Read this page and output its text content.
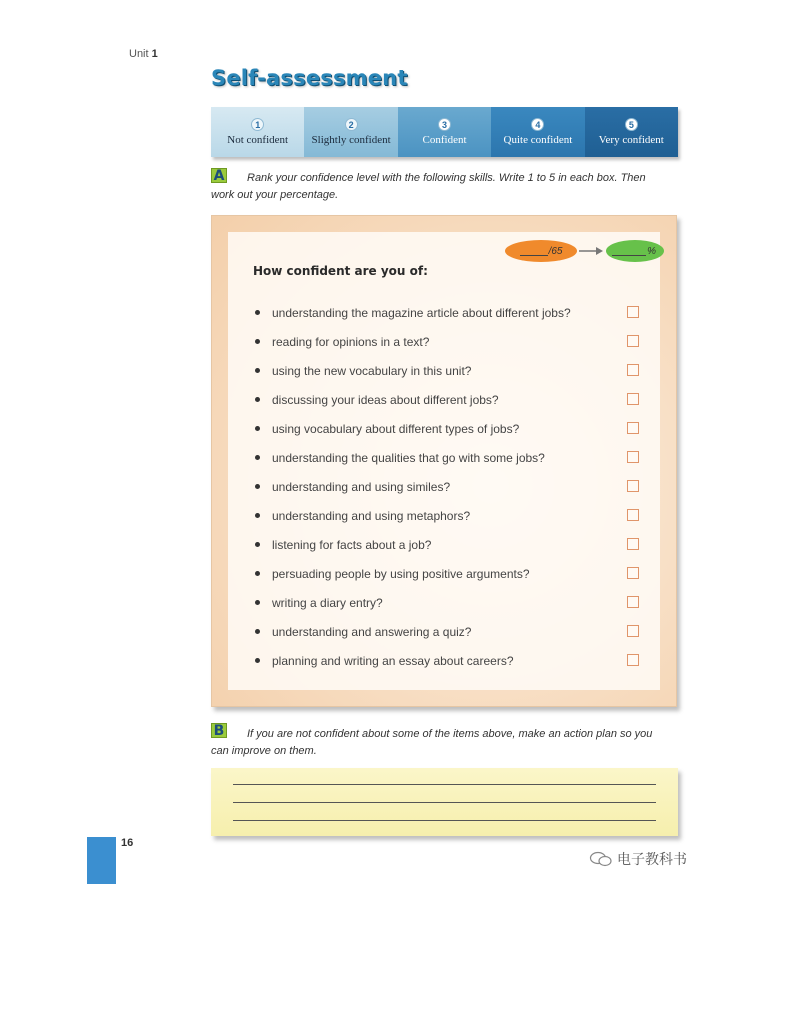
Unit 1
Self-assessment
1
Not confident
2
Slightly confident
3
Confident
4
Quite confident
5
Very confident
A	Rank your confidence level with the following skills. Write 1 to 5 in each box. Then work out your percentage.
/65	%
How confident are you of:
understanding the magazine article about different jobs?
reading for opinions in a text?
using the new vocabulary in this unit?
discussing your ideas about different jobs?
using vocabulary about different types of jobs?
understanding the qualities that go with some jobs?
understanding and using similes?
understanding and using metaphors?
listening for facts about a job?
persuading people by using positive arguments?
writing a diary entry?
understanding and answering a quiz?
planning and writing an essay about careers?
B	If you are not confident about some of the items above, make an action plan so you can improve on them.
16
电子教科书
